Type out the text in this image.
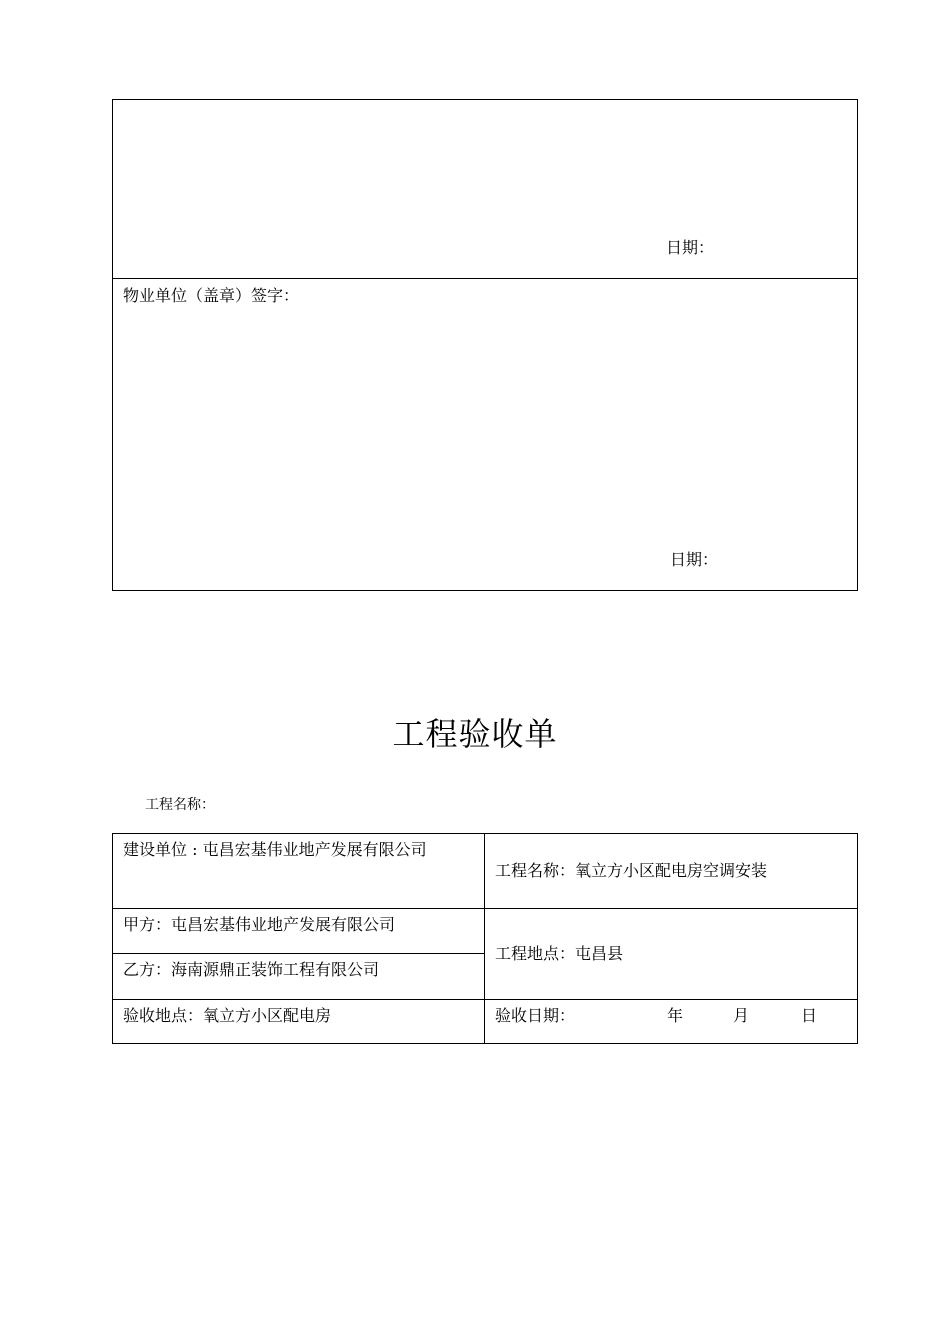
日期：
物业单位（盖章）签字：
日期：
工程验收单
工程名称：
建设单位 : 屯昌宏基伟业地产发展有限公司
工程名称：氧立方小区配电房空调安装
甲方：屯昌宏基伟业地产发展有限公司
乙方：海南源鼎正装饰工程有限公司
工程地点：屯昌县
验收地点：氧立方小区配电房	验收日期：	年	月	日
